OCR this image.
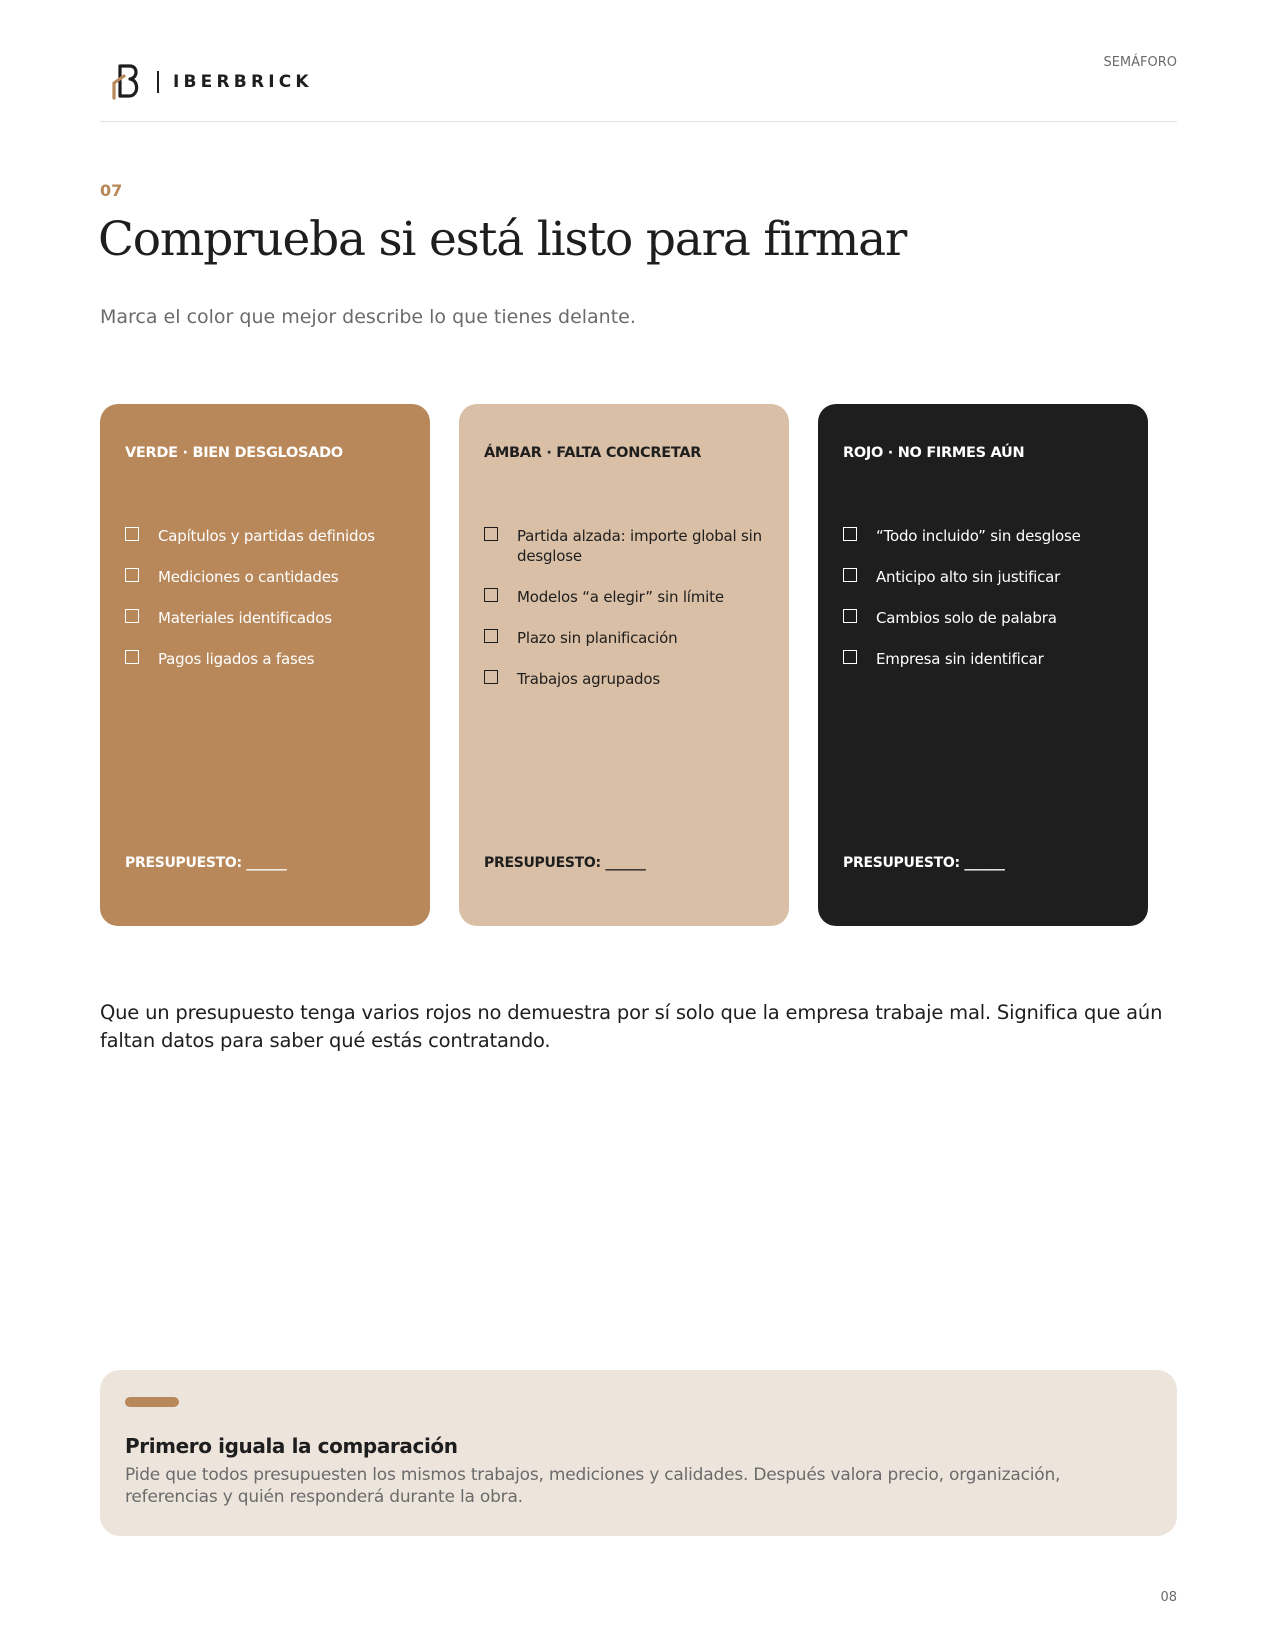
IBERBRICK
SEMÁFORO
07
Comprueba si está listo para firmar
Marca el color que mejor describe lo que tienes delante.
VERDE · BIEN DESGLOSADO
Capítulos y partidas definidos
Mediciones o cantidades
Materiales identificados
Pagos ligados a fases
PRESUPUESTO: ______
ÁMBAR · FALTA CONCRETAR
Partida alzada: importe global sin desglose
Modelos “a elegir” sin límite
Plazo sin planificación
Trabajos agrupados
PRESUPUESTO: ______
ROJO · NO FIRMES AÚN
“Todo incluido” sin desglose
Anticipo alto sin justificar
Cambios solo de palabra
Empresa sin identificar
PRESUPUESTO: ______

Que un presupuesto tenga varios rojos no demuestra por sí solo que la empresa trabaje mal. Significa que aún faltan datos para saber qué estás contratando.

Primero iguala la comparación

Pide que todos presupuesten los mismos trabajos, mediciones y calidades. Después valora precio, organización, referencias y quién responderá durante la obra.

08
